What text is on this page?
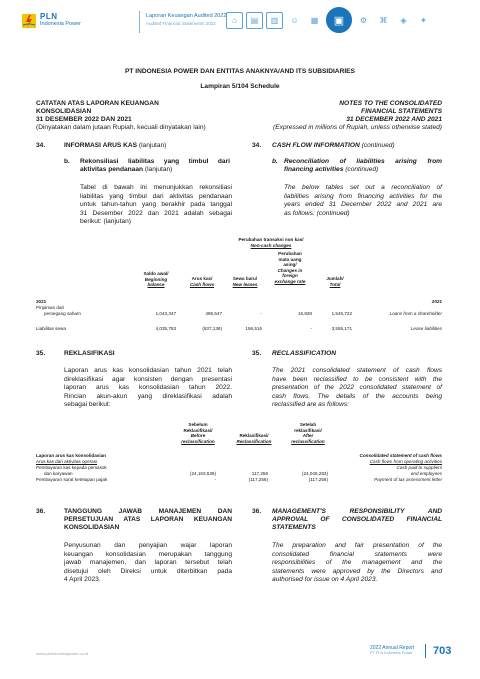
PLN
Indonesia Power
Laporan Keuangan Audited 2022
Audited Financial Statements 2022	⌂	▤	▥	☺	▦	▣	⚙	⌘	◈	✦
PT INDONESIA POWER DAN ENTITAS ANAKNYA/AND ITS SUBSIDIARIES
Lampiran 5/104 Schedule
CATATAN ATAS LAPORAN KEUANGAN
KONSOLIDASIAN
31 DESEMBER 2022 DAN 2021
(Dinyatakan dalam jutaan Rupiah, kecuali dinyatakan lain)
NOTES TO THE CONSOLIDATED
FINANCIAL STATEMENTS
31 DECEMBER 2022 AND 2021
(Expressed in millions of Rupiah, unless otherwise stated)
34.	INFORMASI ARUS KAS (lanjutan)	34. CASH FLOW INFORMATION (continued)
b. Rekonsiliasi liabilitas yang timbul dari
aktivitas pendanaan (lanjutan)
b. Reconciliation of liabilities arising from
financing activities (continued)
Tabel di bawah ini menunjukkan rekonsiliasi
liabilitas yang timbul dari aktivitas pendanaan
untuk tahun-tahun yang berakhir pada tanggal
31 Desember 2022 dan 2021 adalah sebagai
berikut: (lanjutan)
The below tables set out a reconciliation of
liabilities arising from financing activities for the
years ended 31 December 2022 and 2021 are
as follows: (continued)
Perubahan transaksi non kas/
Non-cash changes
Saldo awal/
Beginning
balance
Arus kas/
Cash flows
Sewa baru/
New leases
Perubahan
mata uang
asing/
Changes in
foreign
exchange rate	Jumlah/
Total
2021	2021
Pinjaman dari
pemegang saham	1,043,347	486,547	-	16,828	1,546,722	Loans from a shareholder
Liabilitas sewa	4,035,793	(637,138)	156,516	-	3,555,171	Lease liabilities
35.	REKLASIFIKASI	35. RECLASSIFICATION
Laporan arus kas konsolidasian tahun 2021 telah
direklasifikasi agar konsisten dengan presentasi
laporan arus kas konsolidasian tahun 2022.
Rincian akun-akun yang direklasifikasi adalah
sebagai berikut:
The 2021 consolidated statement of cash flows
have been reclassified to be consistent with the
presentation of the 2022 consolidated statement of
cash flows. The details of the accounts being
reclassified are as follows:
Sebelum
Reklasifikasi/
Before
reclassification
Reklasifikasi/
Reclassification
Setelah
reklasifikasi/
After
reclassification
Laporan arus kas konsolidasian	Consolidated statement of cash flows
Arus kas dari aktivitas operasi	Cash flows from operating activities
Pembayaran kas kepada pemasok
dan karyawan	(24,163,539)	117,256	(24,046,283)
Cash paid to suppliers
and employees
Pembayaran surat ketetapan pajak	-	(117,256)	(117,256)	Payment of tax assessment letter
36.	TANGGUNG JAWAB MANAJEMEN DAN
PERSETUJUAN ATAS LAPORAN KEUANGAN
KONSOLIDASIAN
36. MANAGEMENT'S RESPONSIBILITY AND
APPROVAL OF CONSOLIDATED FINANCIAL
STATEMENTS
Penyusunan dan penyajian wajar laporan
keuangan konsolidasian merupakan tanggung
jawab manajemen, dan laporan tersebut telah
disetujui oleh Direksi untuk diterbitkan pada
4 April 2023.
The preparation and fair presentation of the
consolidated financial statements were
responsibilities of the management and the
statements were approved by the Directors and
authorised for issue on 4 April 2023.
www.plnindonesiapower.co.id
2022 Annual Report
PT PLN Indonesia Power 703
